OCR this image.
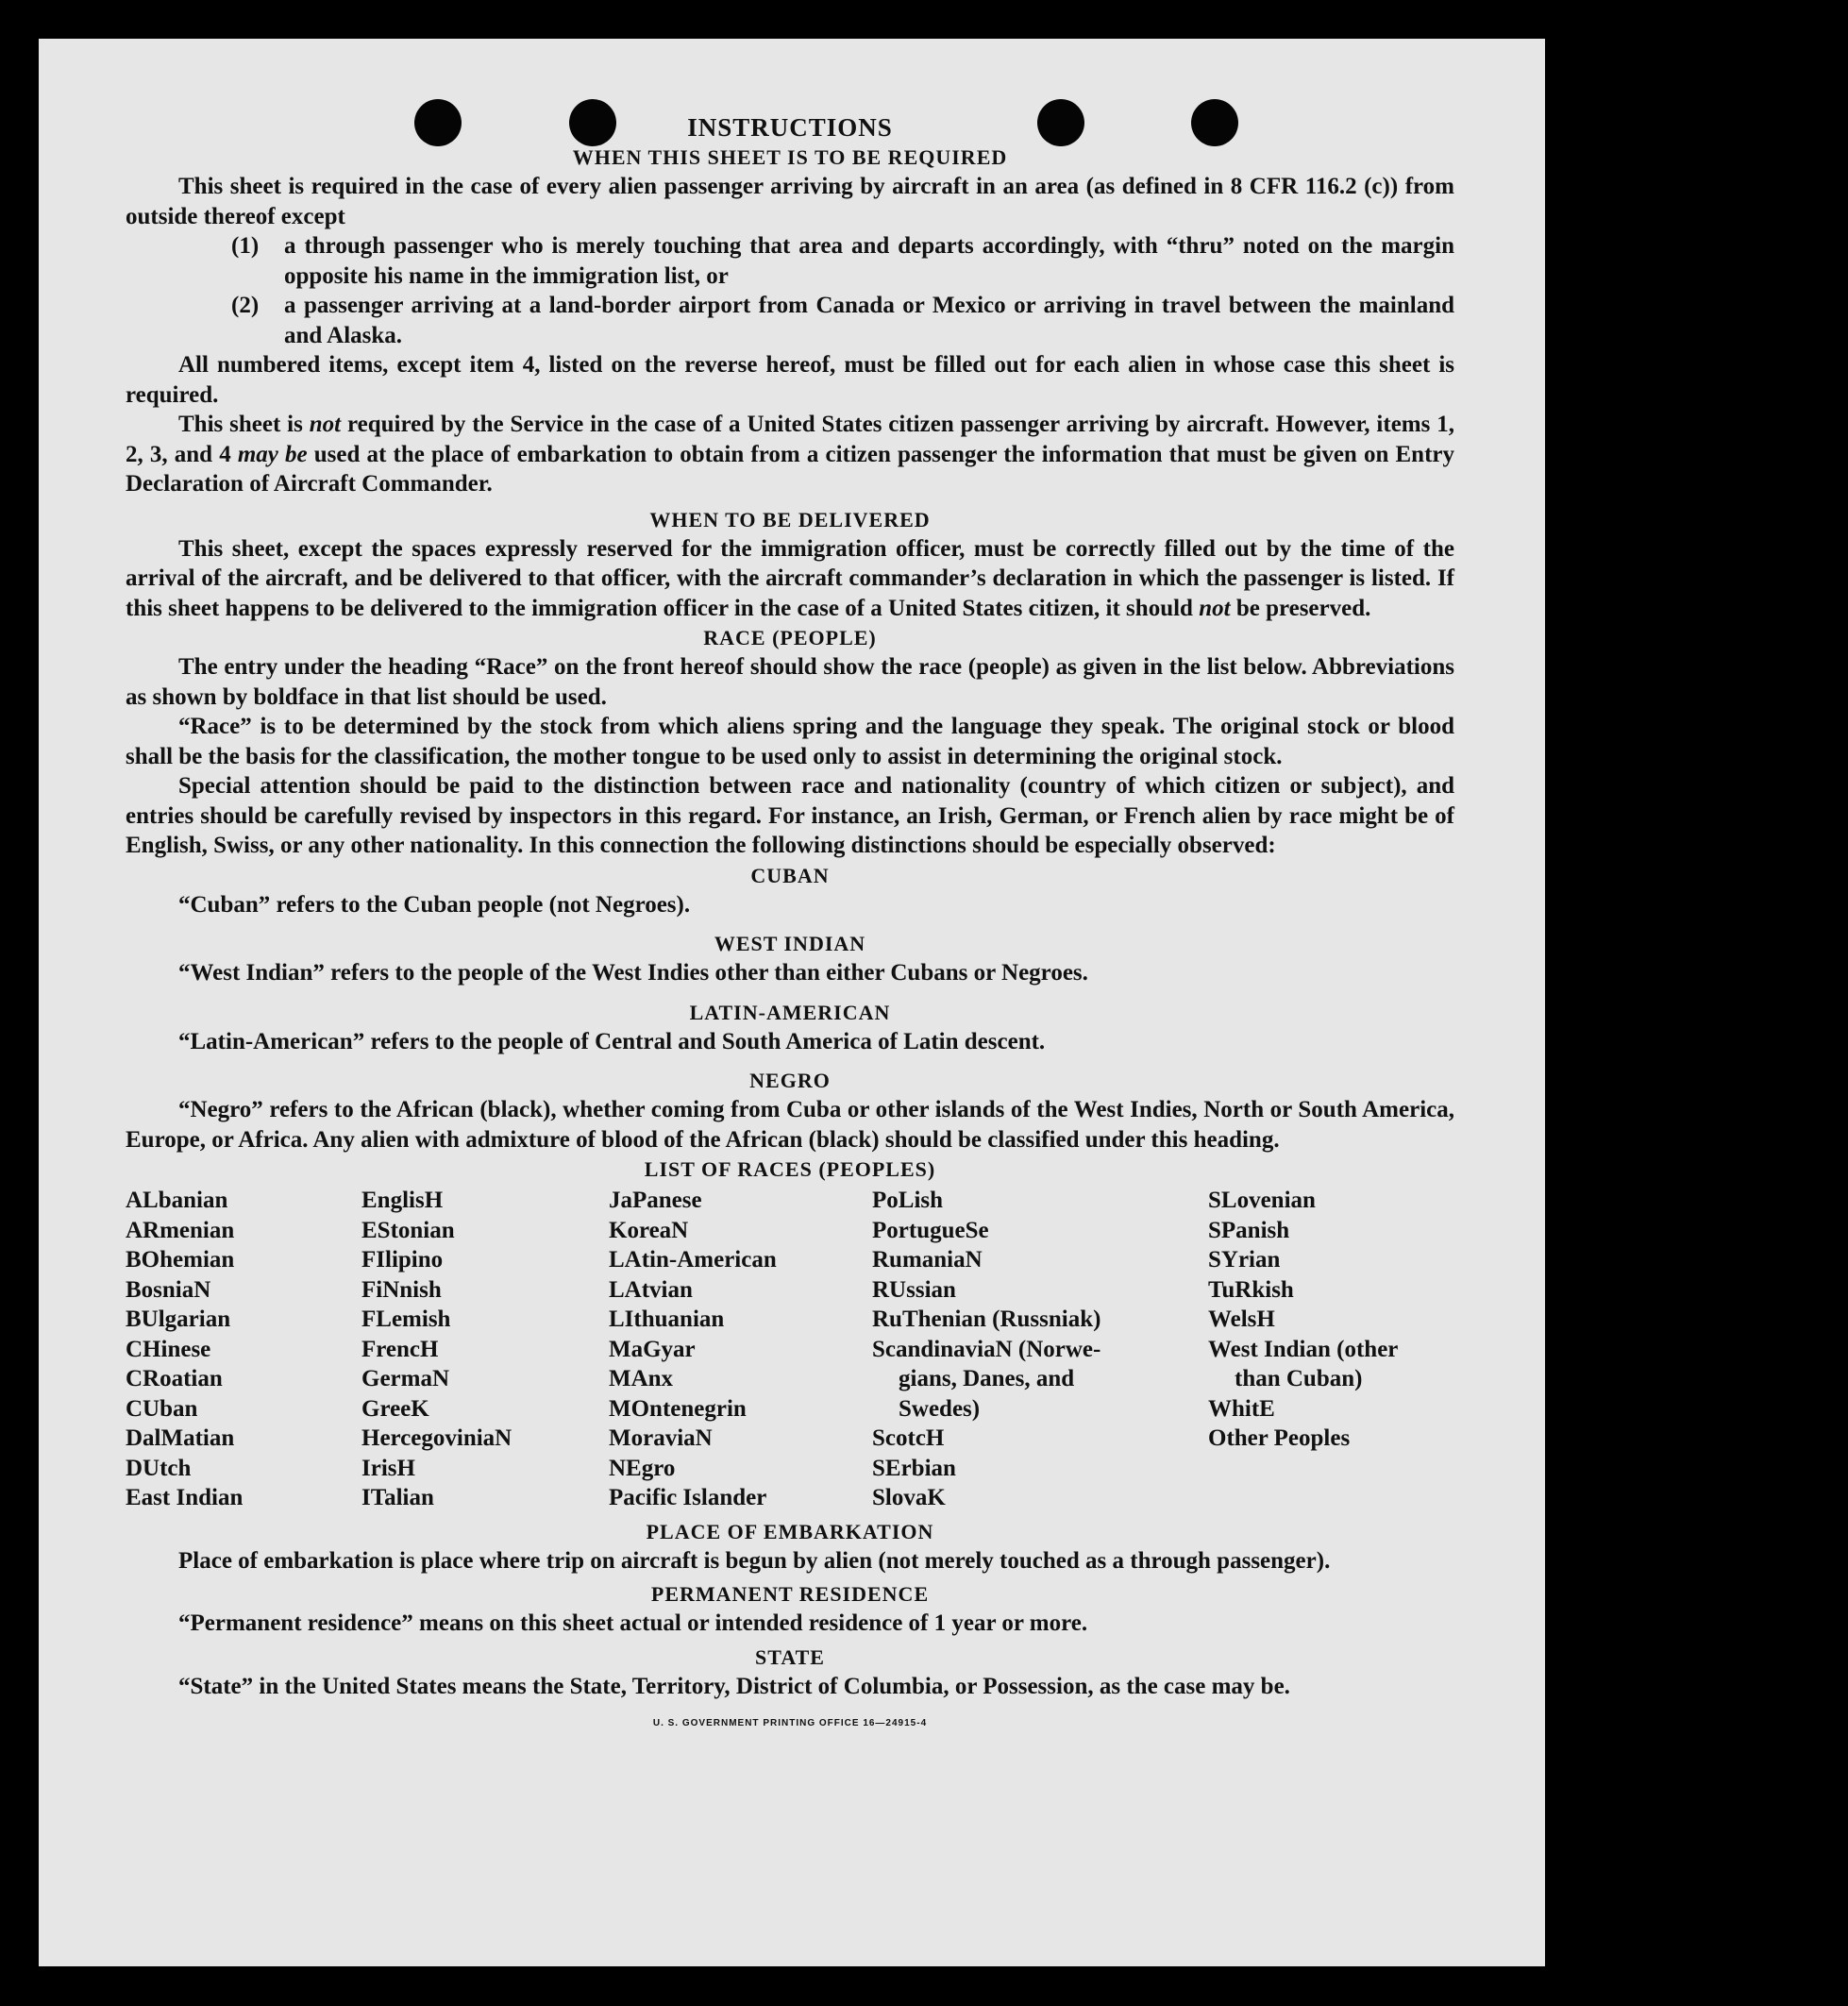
INSTRUCTIONS
WHEN THIS SHEET IS TO BE REQUIRED
This sheet is required in the case of every alien passenger arriving by aircraft in an area (as defined in 8 CFR 116.2 (c)) from outside thereof except
(1)	a through passenger who is merely touching that area and departs accordingly, with “thru” noted on the margin opposite his name in the immigration list, or
(2)	a passenger arriving at a land-border airport from Canada or Mexico or arriving in travel between the mainland and Alaska.
All numbered items, except item 4, listed on the reverse hereof, must be filled out for each alien in whose case this sheet is required.
This sheet is not required by the Service in the case of a United States citizen passenger arriving by aircraft. However, items 1, 2, 3, and 4 may be used at the place of embarkation to obtain from a citizen passenger the information that must be given on Entry Declaration of Aircraft Commander.
WHEN TO BE DELIVERED
This sheet, except the spaces expressly reserved for the immigration officer, must be correctly filled out by the time of the arrival of the aircraft, and be delivered to that officer, with the aircraft commander’s declaration in which the passenger is listed. If this sheet happens to be delivered to the immigration officer in the case of a United States citizen, it should not be preserved.
RACE (PEOPLE)
The entry under the heading “Race” on the front hereof should show the race (people) as given in the list below. Abbreviations as shown by boldface in that list should be used.
“Race” is to be determined by the stock from which aliens spring and the language they speak. The original stock or blood shall be the basis for the classification, the mother tongue to be used only to assist in determining the original stock.
Special attention should be paid to the distinction between race and nationality (country of which citizen or subject), and entries should be carefully revised by inspectors in this regard. For instance, an Irish, German, or French alien by race might be of English, Swiss, or any other nationality. In this connection the following distinctions should be especially observed:
CUBAN
“Cuban” refers to the Cuban people (not Negroes).
WEST INDIAN
“West Indian” refers to the people of the West Indies other than either Cubans or Negroes.
LATIN-AMERICAN
“Latin-American” refers to the people of Central and South America of Latin descent.
NEGRO
“Negro” refers to the African (black), whether coming from Cuba or other islands of the West Indies, North or South America, Europe, or Africa. Any alien with admixture of blood of the African (black) should be classified under this heading.
LIST OF RACES (PEOPLES)
ALbanian
ARmenian
BOhemian
BosniaN
BUlgarian
CHinese
CRoatian
CUban
DalMatian
DUtch
East Indian
EnglisH
EStonian
FIlipino
FiNnish
FLemish
FrencH
GermaN
GreeK
HercegoviniaN
IrisH
ITalian
JaPanese
KoreaN
LAtin-American
LAtvian
LIthuanian
MaGyar
MAnx
MOntenegrin
MoraviaN
NEgro
Pacific Islander
PoLish
PortugueSe
RumaniaN
RUssian
RuThenian (Russniak)
ScandinaviaN (Norwe-
gians, Danes, and
Swedes)
ScotcH
SErbian
SlovaK
SLovenian
SPanish
SYrian
TuRkish
WelsH
West Indian (other
than Cuban)
WhitE
Other Peoples
PLACE OF EMBARKATION
Place of embarkation is place where trip on aircraft is begun by alien (not merely touched as a through passenger).
PERMANENT RESIDENCE
“Permanent residence” means on this sheet actual or intended residence of 1 year or more.
STATE
“State” in the United States means the State, Territory, District of Columbia, or Possession, as the case may be.
U. S. GOVERNMENT PRINTING OFFICE 16—24915-4
